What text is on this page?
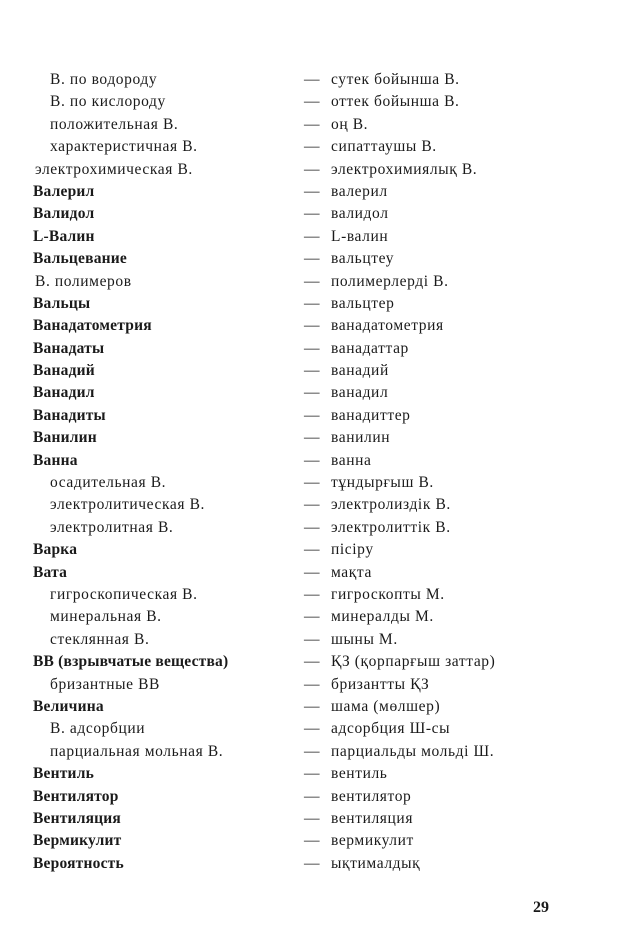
В. по водороду	— сутек бойынша В.
В. по кислороду	— оттек бойынша В.
положительная В.	— оң В.
характеристичная В.	— сипаттаушы В.
электрохимическая В.	— электрохимиялық В.
Валерил	— валерил
Валидол	— валидол
L-Валин	— L-валин
Вальцевание	— вальцтеу
В. полимеров	— полимерлердi В.
Вальцы	— вальцтер
Ванадатометрия	— ванадатометрия
Ванадаты	— ванадаттар
Ванадий	— ванадий
Ванадил	— ванадил
Ванадиты	— ванадиттер
Ванилин	— ванилин
Ванна	— ванна
осадительная В.	— тұндырғыш В.
электролитическая В.	— электролиздiк В.
электролитная В.	— электролиттiк В.
Варка	— пiсiру
Вата	— мақта
гигроскопическая В.	— гигроскопты М.
минеральная В.	— минералды М.
стеклянная В.	— шыны М.
ВВ (взрывчатые вещества)	— ҚЗ (қорпарғыш заттар)
бризантные ВВ	— бризантты ҚЗ
Величина	— шама (мөлшер)
В. адсорбции	— адсорбция Ш-сы
парциальная мольная В.	— парциальды мольдi Ш.
Вентиль	— вентиль
Вентилятор	— вентилятор
Вентиляция	— вентиляция
Вермикулит	— вермикулит
Вероятность	— ықтималдық
29
